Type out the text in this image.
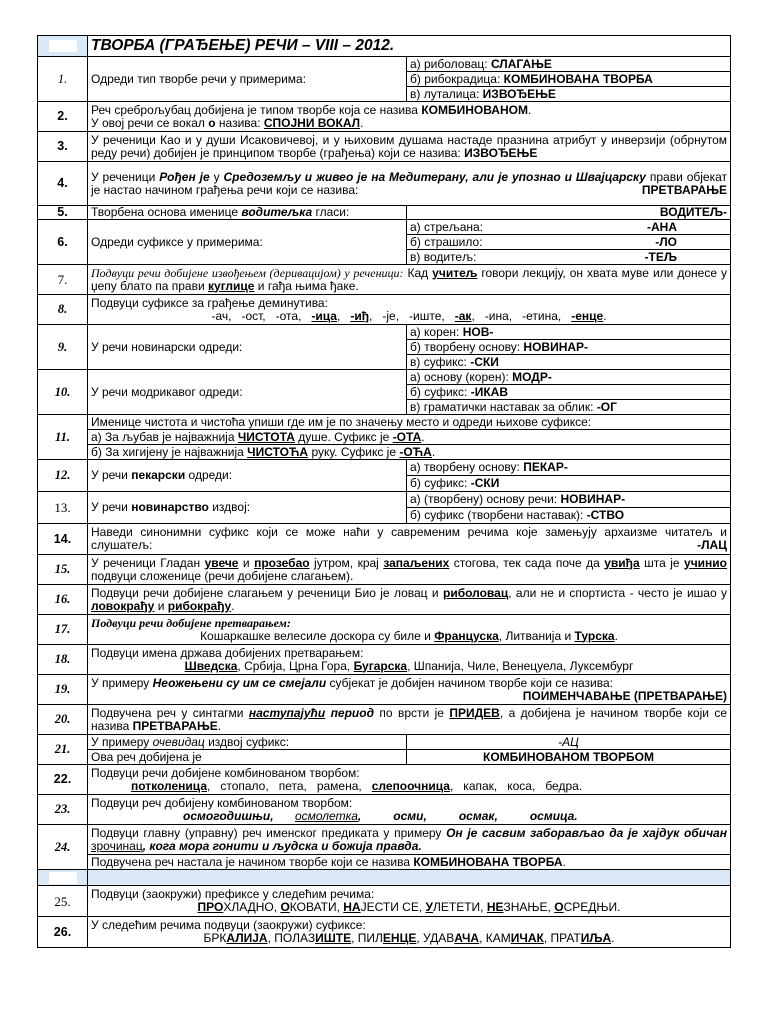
	ТВОРБА (ГРАЂЕЊЕ) РЕЧИ – VIII – 2012.	
1.	Одреди тип творбе речи у примерима:	а) риболовац: СЛАГАЊЕ
		б) рибокрадица: КОМБИНОВАНА ТВОРБА
		в) луталица: ИЗВОЂЕЊЕ
2.	Реч среброљубац добијена је типом творбе која се назива КОМБИНОВАНОМ.
У овој речи се вокал о назива: СПОЈНИ ВОКАЛ.	
3.	У реченици Као и у души Исаковичевој, и у њиховим душама настаде празнина атрибут у инверзији (обрнутом реду речи) добијен је принципом творбе (грађења) који се назива: ИЗВОЂЕЊЕ	
4.	У реченици Рођен је у Средоземљу и живео је на Медитерану, али је упознао и Швајцарску прави објекат је настао начином грађења речи који се назива: ПРЕТВАРАЊЕ	

5.	Творбена основа именице водитељка гласи:	ВОДИТЕЉ-
6.	Одреди суфиксе у примерима:	а) стрељана: -АНА

		б) страшило: -ЛО

		в) водитељ: -ТЕЉ

7.	Подвуци речи добијене извођењем (деривацијом) у реченици: Кад учитељ говори лекцију, он хвата муве или донесе у џепу блато па прави куглице и гађа њима ђаке.	
8.	Подвуци суфиксе за грађење деминутива:
-ач, -ост, -ота, -ица, -иђ, -је, -иште, -ак, -ина, -етина, -енце.	

9.	У речи новинарски одреди:	а) корен: НОВ-
		б) творбену основу: НОВИНАР-
		в) суфикс: -СКИ
10.	У речи модрикавог одреди:	а) основу (корен): МОДР-
		б) суфикс: -ИКАВ
		в) граматички наставак за облик: -ОГ
11.	Именице чистота и чистоћа упиши где им је по значењу место и одреди њихове суфиксе:	
	а) За љубав је најважнија ЧИСТОТА душе. Суфикс је -ОТА.	
	б) За хигијену је најважнија ЧИСТОЋА руку. Суфикс је -ОЋА.	
12.	У речи пекарски одреди:	а) творбену основу: ПЕКАР-
		б) суфикс: -СКИ
13.	У речи новинарство издвој:	а) (творбену) основу речи: НОВИНАР-
		б) суфикс (творбени наставак): -СТВО
14.	Наведи синонимни суфикс који се може наћи у савременим речима које замењују архаизме читатељ и слушатељ: -ЛАЦ	

15.	У реченици Гладан увече и прозебао јутром, крај запаљених стогова, тек сада поче да увиђа шта је учинио подвуци сложенице (речи добијене слагањем).	
16.	Подвуци речи добијене слагањем у реченици Био је ловац и риболовац, али не и спортиста - често је ишао у ловокрађу и рибокрађу.	
17.	Подвуци речи добијене претварањем:
Кошаркашке велесиле доскора су биле и Француска, Литванија и Турска.	

18.	Подвуци имена држава добијених претварањем:
Шведска, Србија, Црна Гора, Бугарска, Шпанија, Чиле, Венецуела, Луксембург	

19.	У примеру Неожењени су им се смејали субјекат је добијен начином творбе који се назива:
ПОИМЕНЧАВАЊЕ (ПРЕТВАРАЊЕ)	

20.	Подвучена реч у синтагми наступајући период по врсти је ПРИДЕВ, а добијена је начином творбе који се назива ПРЕТВАРАЊЕ.	
21.	У примеру очевидац издвој суфикс:	-АЦ
	Ова реч добијена је	КОМБИНОВАНОМ ТВОРБОМ
22.	Подвуци речи добијене комбинованом творбом:
потколеница,   стопало,   пета,   рамена,   слепоочница,   капак,   коса,   бедра.	

23.	Подвуци реч добијену комбинованом творбом:
осмогодишњи, осмолетка, осми, осмак, осмица.	

24.	Подвуци главну (управну) реч именског предиката у примеру Он је сасвим заборављао да је хајдук обичан зрочинац, кога мора гонити и људска и божија правда.	
	Подвучена реч настала је начином творбе који се назива КОМБИНОВАНА ТВОРБА.	

25.	Подвуци (заокружи) префиксе у следећим речима:
ПРОХЛАДНО, ОКОВАТИ, НАЈЕСТИ СЕ, УЛЕТЕТИ, НЕЗНАЊЕ, ОСРЕДЊИ.	

26.	У следећим речима подвуци (заокружи) суфиксе:
БРКАЛИЈА, ПОЛАЗИШТЕ, ПИЛЕНЦЕ, УДАВАЧА, КАМИЧАК, ПРАТИЉА.	
